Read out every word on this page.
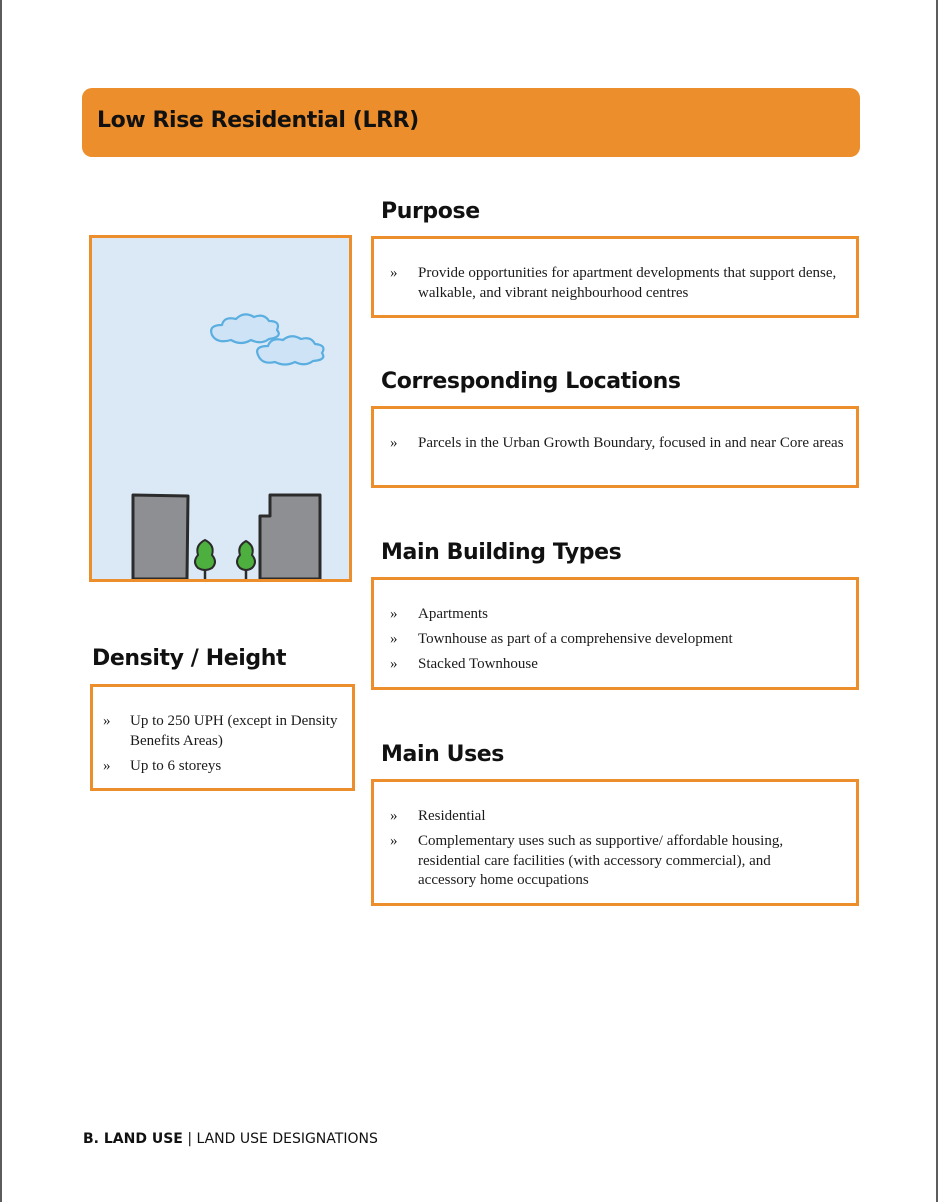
Low Rise Residential (LRR)
Purpose
» Provide opportunities for apartment developments that support dense, walkable, and vibrant neighbourhood centres
Corresponding Locations
» Parcels in the Urban Growth Boundary, focused in and near Core areas
Main Building Types
» Apartments
» Townhouse as part of a comprehensive development
» Stacked Townhouse
Main Uses
» Residential
» Complementary uses such as supportive/ affordable housing, residential care facilities (with accessory commercial), and accessory home occupations
Density / Height
» Up to 250 UPH (except in Density Benefits Areas)
» Up to 6 storeys
B. LAND USE | LAND USE DESIGNATIONS
